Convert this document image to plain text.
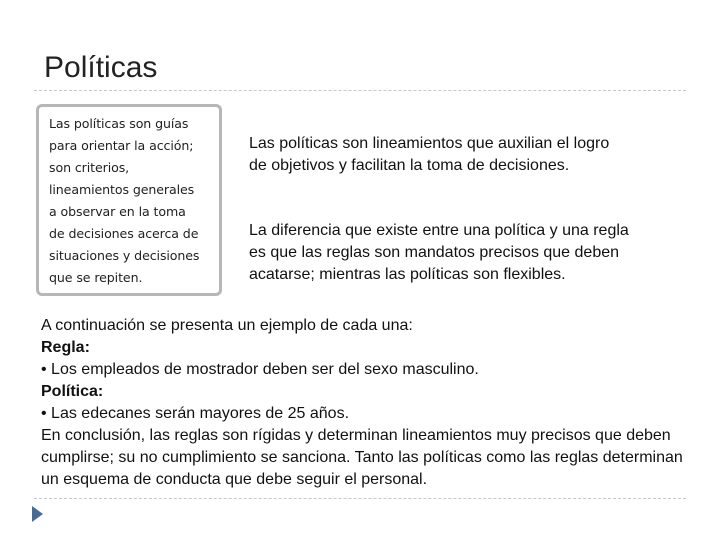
Políticas
Las políticas son guías
para orientar la acción;
son criterios,
lineamientos generales
a observar en la toma
de decisiones acerca de
situaciones y decisiones
que se repiten.

Las políticas son lineamientos que auxilian el logro de objetivos y facilitan la toma de decisiones.

La diferencia que existe entre una política y una regla es que las reglas son mandatos precisos que deben acatarse; mientras las políticas son flexibles.

A continuación se presenta un ejemplo de cada una:
Regla:
• Los empleados de mostrador deben ser del sexo masculino.
Política:
• Las edecanes serán mayores de 25 años.
En conclusión, las reglas son rígidas y determinan lineamientos muy precisos que deben cumplirse; su no cumplimiento se sanciona. Tanto las políticas como las reglas determinan un esquema de conducta que debe seguir el personal.
